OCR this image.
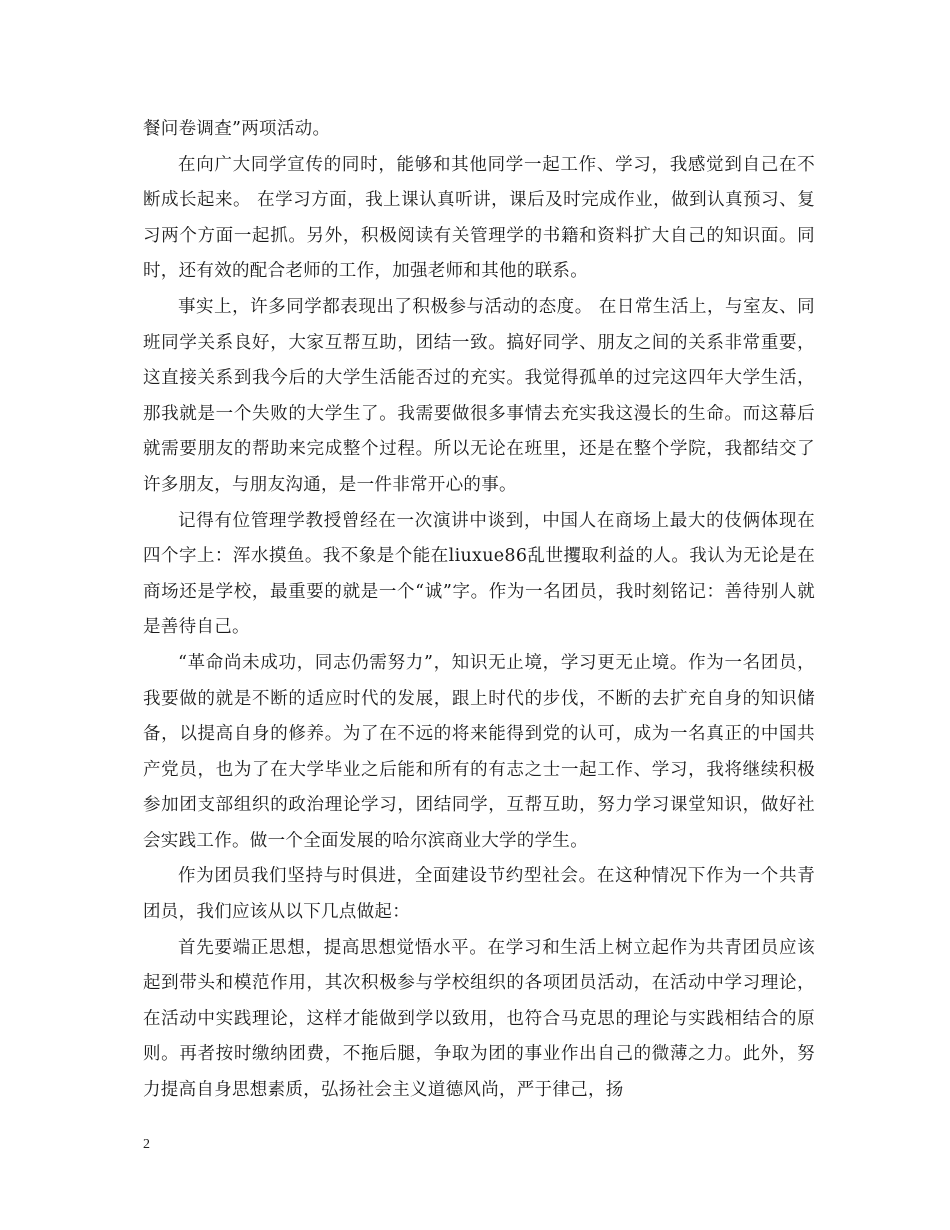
餐问卷调查”两项活动。

在向广大同学宣传的同时，能够和其他同学一起工作、学习，我感觉到自己在不断成长起来。 在学习方面，我上课认真听讲，课后及时完成作业，做到认真预习、复习两个方面一起抓。另外，积极阅读有关管理学的书籍和资料扩大自己的知识面。同时，还有效的配合老师的工作，加强老师和其他的联系。

事实上，许多同学都表现出了积极参与活动的态度。 在日常生活上，与室友、同班同学关系良好，大家互帮互助，团结一致。搞好同学、朋友之间的关系非常重要，这直接关系到我今后的大学生活能否过的充实。我觉得孤单的过完这四年大学生活，那我就是一个失败的大学生了。我需要做很多事情去充实我这漫长的生命。而这幕后就需要朋友的帮助来完成整个过程。所以无论在班里，还是在整个学院，我都结交了许多朋友，与朋友沟通，是一件非常开心的事。

记得有位管理学教授曾经在一次演讲中谈到，中国人在商场上最大的伎俩体现在四个字上：浑水摸鱼。我不象是个能在liuxue86乱世攫取利益的人。我认为无论是在商场还是学校，最重要的就是一个“诚”字。作为一名团员，我时刻铭记：善待别人就是善待自己。

“革命尚未成功，同志仍需努力”，知识无止境，学习更无止境。作为一名团员，我要做的就是不断的适应时代的发展，跟上时代的步伐，不断的去扩充自身的知识储备，以提高自身的修养。为了在不远的将来能得到党的认可，成为一名真正的中国共产党员，也为了在大学毕业之后能和所有的有志之士一起工作、学习，我将继续积极参加团支部组织的政治理论学习，团结同学，互帮互助，努力学习课堂知识，做好社会实践工作。做一个全面发展的哈尔滨商业大学的学生。

作为团员我们坚持与时俱进，全面建设节约型社会。在这种情况下作为一个共青团员，我们应该从以下几点做起：

首先要端正思想，提高思想觉悟水平。在学习和生活上树立起作为共青团员应该起到带头和模范作用，其次积极参与学校组织的各项团员活动，在活动中学习理论，在活动中实践理论，这样才能做到学以致用，也符合马克思的理论与实践相结合的原则。再者按时缴纳团费，不拖后腿，争取为团的事业作出自己的微薄之力。此外，努力提高自身思想素质，弘扬社会主义道德风尚，严于律己，扬

2
